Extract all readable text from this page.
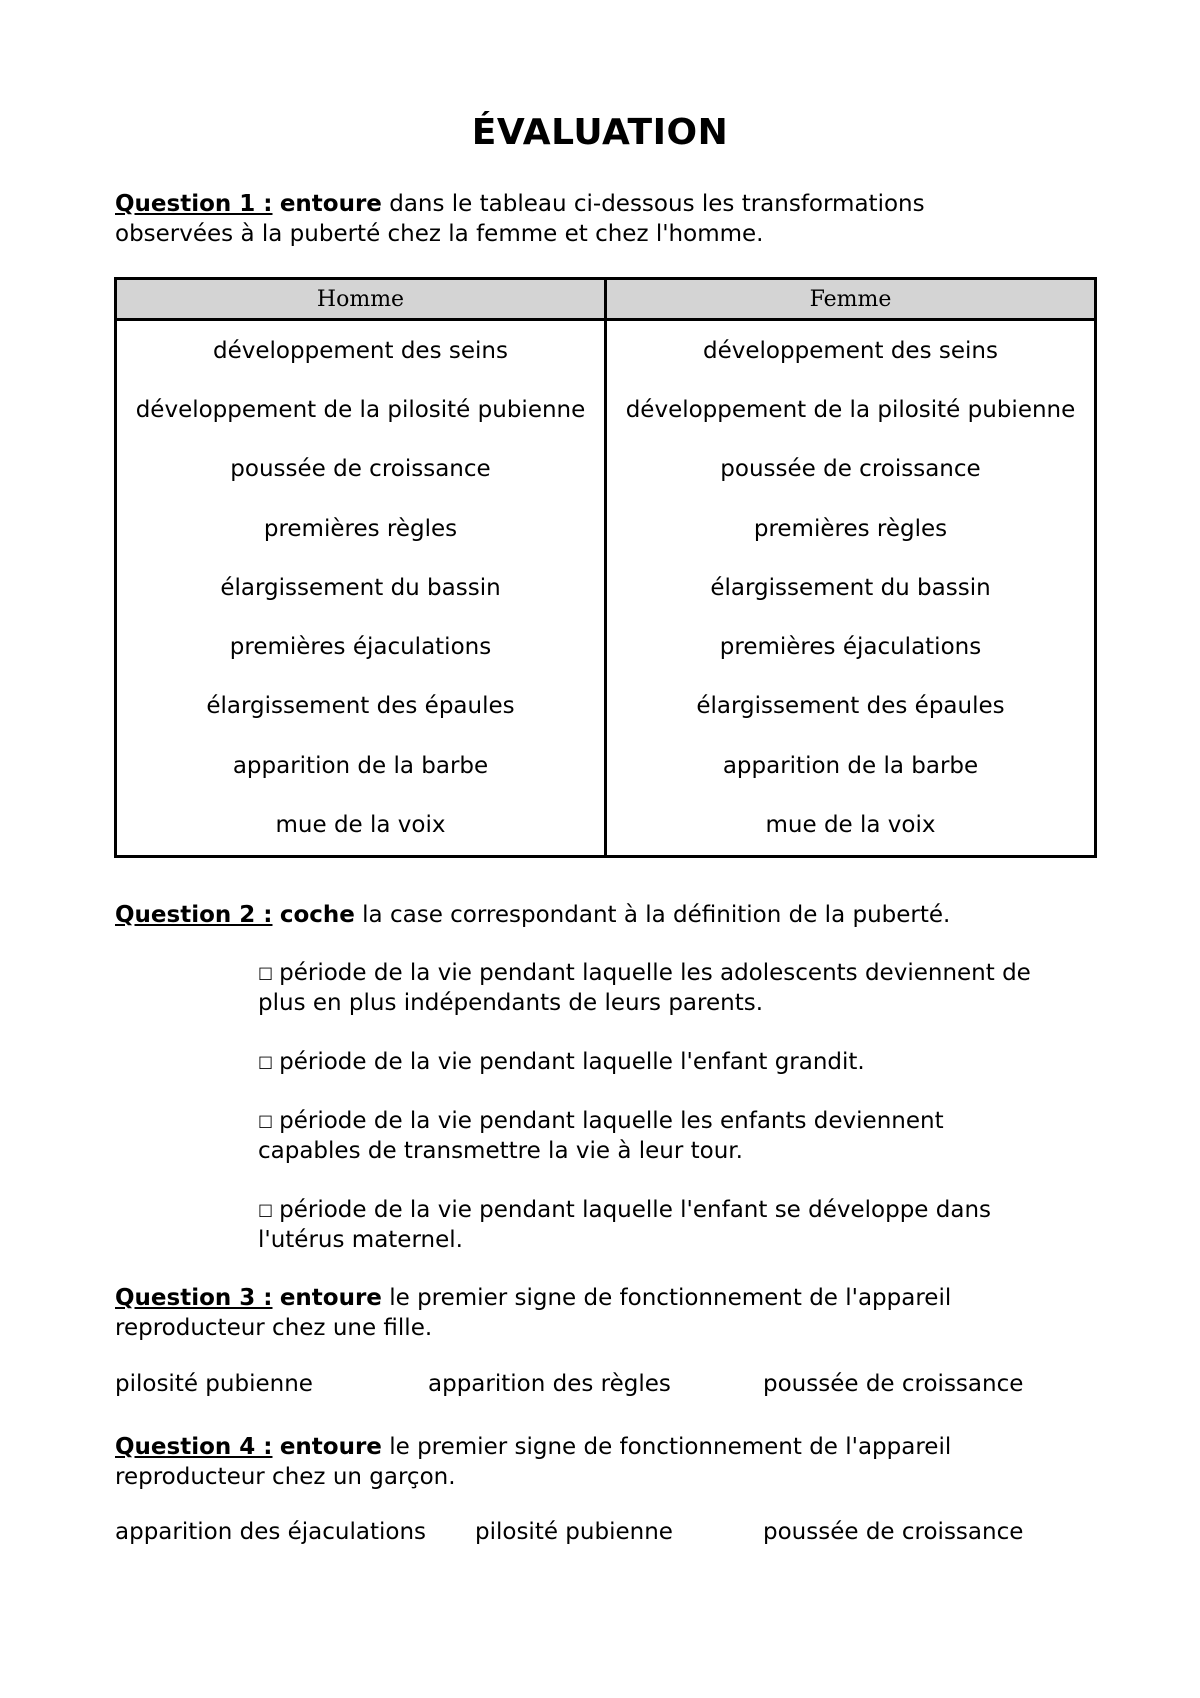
ÉVALUATION
Question 1 : entoure dans le tableau ci-dessous les transformations
observées à la puberté chez la femme et chez l'homme.
Homme	Femme
développement des seins	développement des seins
développement de la pilosité pubienne	développement de la pilosité pubienne
poussée de croissance	poussée de croissance
premières règles	premières règles
élargissement du bassin	élargissement du bassin
premières éjaculations	premières éjaculations
élargissement des épaules	élargissement des épaules
apparition de la barbe	apparition de la barbe
mue de la voix	mue de la voix
Question 2 : coche la case correspondant à la définition de la puberté.
□ période de la vie pendant laquelle les adolescents deviennent de
plus en plus indépendants de leurs parents.
□ période de la vie pendant laquelle l'enfant grandit.
□ période de la vie pendant laquelle les enfants deviennent
capables de transmettre la vie à leur tour.
□ période de la vie pendant laquelle l'enfant se développe dans
l'utérus maternel.
Question 3 : entoure le premier signe de fonctionnement de l'appareil
reproducteur chez une fille.
pilosité pubienne	apparition des règles	poussée de croissance
Question 4 : entoure le premier signe de fonctionnement de l'appareil
reproducteur chez un garçon.
apparition des éjaculations pilosité pubienne	poussée de croissance
